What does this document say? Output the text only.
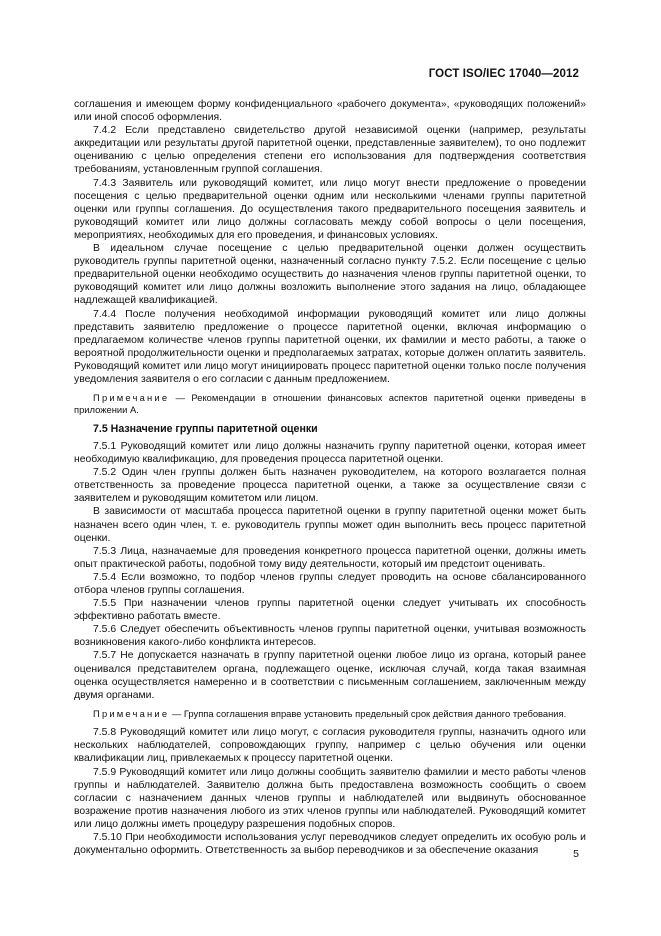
ГОСТ ISO/IEC 17040—2012

соглашения и имеющем форму конфиденциального «рабочего документа», «руководящих положений» или иной способ оформления.

7.4.2 Если представлено свидетельство другой независимой оценки (например, результаты аккредитации или результаты другой паритетной оценки, представленные заявителем), то оно подлежит оцениванию с целью определения степени его использования для подтверждения соответствия требованиям, установленным группой соглашения.

7.4.3 Заявитель или руководящий комитет, или лицо могут внести предложение о проведении посещения с целью предварительной оценки одним или несколькими членами группы паритетной оценки или группы соглашения. До осуществления такого предварительного посещения заявитель и руководящий комитет или лицо должны согласовать между собой вопросы о цели посещения, мероприятиях, необходимых для его проведения, и финансовых условиях.

В идеальном случае посещение с целью предварительной оценки должен осуществить руководитель группы паритетной оценки, назначенный согласно пункту 7.5.2. Если посещение с целью предварительной оценки необходимо осуществить до назначения членов группы паритетной оценки, то руководящий комитет или лицо должны возложить выполнение этого задания на лицо, обладающее надлежащей квалификацией.

7.4.4 После получения необходимой информации руководящий комитет или лицо должны представить заявителю предложение о процессе паритетной оценки, включая информацию о предлагаемом количестве членов группы паритетной оценки, их фамилии и место работы, а также о вероятной продолжительности оценки и предполагаемых затратах, которые должен оплатить заявитель. Руководящий комитет или лицо могут инициировать процесс паритетной оценки только после получения уведомления заявителя о его согласии с данным предложением.

Примечание — Рекомендации в отношении финансовых аспектов паритетной оценки приведены в приложении А.

7.5 Назначение группы паритетной оценки

7.5.1 Руководящий комитет или лицо должны назначить группу паритетной оценки, которая имеет необходимую квалификацию, для проведения процесса паритетной оценки.

7.5.2 Один член группы должен быть назначен руководителем, на которого возлагается полная ответственность за проведение процесса паритетной оценки, а также за осуществление связи с заявителем и руководящим комитетом или лицом.

В зависимости от масштаба процесса паритетной оценки в группу паритетной оценки может быть назначен всего один член, т. е. руководитель группы может один выполнить весь процесс паритетной оценки.

7.5.3 Лица, назначаемые для проведения конкретного процесса паритетной оценки, должны иметь опыт практической работы, подобной тому виду деятельности, который им предстоит оценивать.

7.5.4 Если возможно, то подбор членов группы следует проводить на основе сбалансированного отбора членов группы соглашения.

7.5.5 При назначении членов группы паритетной оценки следует учитывать их способность эффективно работать вместе.

7.5.6 Следует обеспечить объективность членов группы паритетной оценки, учитывая возможность возникновения какого-либо конфликта интересов.

7.5.7 Не допускается назначать в группу паритетной оценки любое лицо из органа, который ранее оценивался представителем органа, подлежащего оценке, исключая случай, когда такая взаимная оценка осуществляется намеренно и в соответствии с письменным соглашением, заключенным между двумя органами.

Примечание — Группа соглашения вправе установить предельный срок действия данного требования.

7.5.8 Руководящий комитет или лицо могут, с согласия руководителя группы, назначить одного или нескольких наблюдателей, сопровождающих группу, например с целью обучения или оценки квалификации лиц, привлекаемых к процессу паритетной оценки.

7.5.9 Руководящий комитет или лицо должны сообщить заявителю фамилии и место работы членов группы и наблюдателей. Заявителю должна быть предоставлена возможность сообщить о своем согласии с назначением данных членов группы и наблюдателей или выдвинуть обоснованное возражение против назначения любого из этих членов группы или наблюдателей. Руководящий комитет или лицо должны иметь процедуру разрешения подобных споров.

7.5.10 При необходимости использования услуг переводчиков следует определить их особую роль и документально оформить. Ответственность за выбор переводчиков и за обеспечение оказания	5
